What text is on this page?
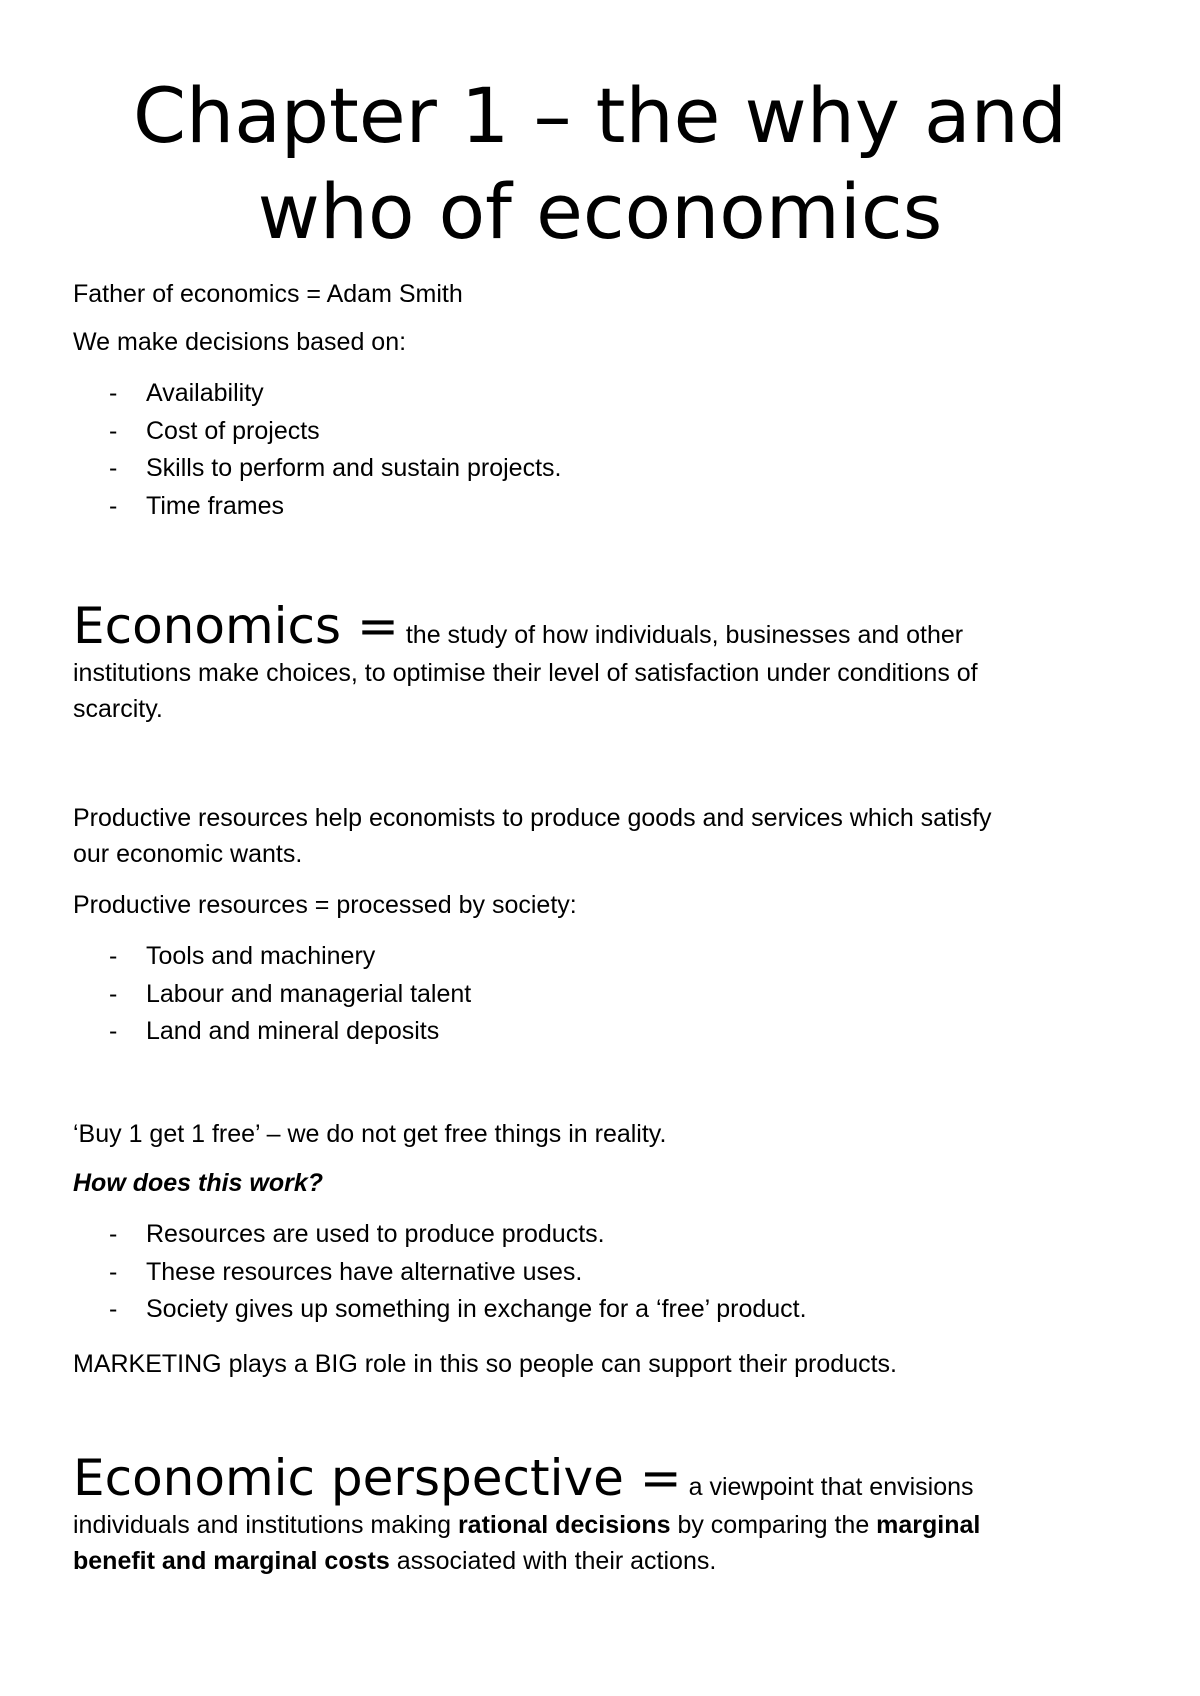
Chapter 1 – the why and
who of economics

Father of economics = Adam Smith

We make decisions based on:

- Availability
- Cost of projects
- Skills to perform and sustain projects.
- Time frames
Economics = the study of how individuals, businesses and other
institutions make choices, to optimise their level of satisfaction under conditions of
scarcity.
Productive resources help economists to produce goods and services which satisfy
our economic wants.

Productive resources = processed by society:

- Tools and machinery
- Labour and managerial talent
- Land and mineral deposits

‘Buy 1 get 1 free’ – we do not get free things in reality.

How does this work?

- Resources are used to produce products.
- These resources have alternative uses.
- Society gives up something in exchange for a ‘free’ product.

MARKETING plays a BIG role in this so people can support their products.

Economic perspective = a viewpoint that envisions
individuals and institutions making rational decisions by comparing the marginal
benefit and marginal costs associated with their actions.
